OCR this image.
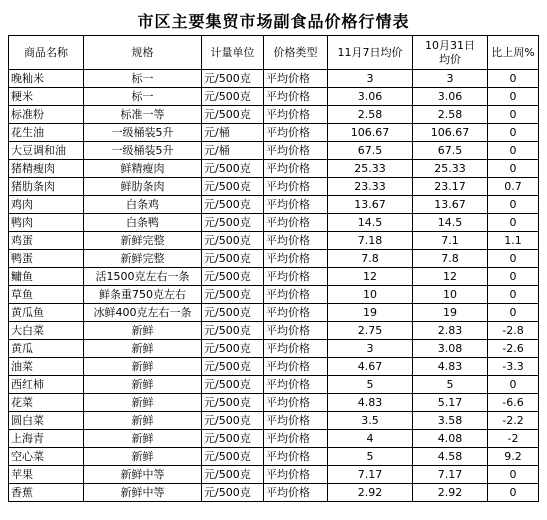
市区主要集贸市场副食品价格行情表
商品名称	规格	计量单位	价格类型	11月7日均价	10月31日均价	比上周%
晚籼米	标一	元/500克	平均价格	3	3	0
粳米	标一	元/500克	平均价格	3.06	3.06	0
标准粉	标准一等	元/500克	平均价格	2.58	2.58	0
花生油	一级桶装5升	元/桶	平均价格	106.67	106.67	0
大豆调和油	一级桶装5升	元/桶	平均价格	67.5	67.5	0
猪精瘦肉	鲜精瘦肉	元/500克	平均价格	25.33	25.33	0
猪肋条肉	鲜肋条肉	元/500克	平均价格	23.33	23.17	0.7
鸡肉	白条鸡	元/500克	平均价格	13.67	13.67	0
鸭肉	白条鸭	元/500克	平均价格	14.5	14.5	0
鸡蛋	新鲜完整	元/500克	平均价格	7.18	7.1	1.1
鸭蛋	新鲜完整	元/500克	平均价格	7.8	7.8	0
鳙鱼	活1500克左右一条	元/500克	平均价格	12	12	0
草鱼	鲜条重750克左右	元/500克	平均价格	10	10	0
黄瓜鱼	冰鲜400克左右一条	元/500克	平均价格	19	19	0
大白菜	新鲜	元/500克	平均价格	2.75	2.83	-2.8
黄瓜	新鲜	元/500克	平均价格	3	3.08	-2.6
油菜	新鲜	元/500克	平均价格	4.67	4.83	-3.3
西红柿	新鲜	元/500克	平均价格	5	5	0
花菜	新鲜	元/500克	平均价格	4.83	5.17	-6.6
圆白菜	新鲜	元/500克	平均价格	3.5	3.58	-2.2
上海青	新鲜	元/500克	平均价格	4	4.08	-2
空心菜	新鲜	元/500克	平均价格	5	4.58	9.2
苹果	新鲜中等	元/500克	平均价格	7.17	7.17	0
香蕉	新鲜中等	元/500克	平均价格	2.92	2.92	0
